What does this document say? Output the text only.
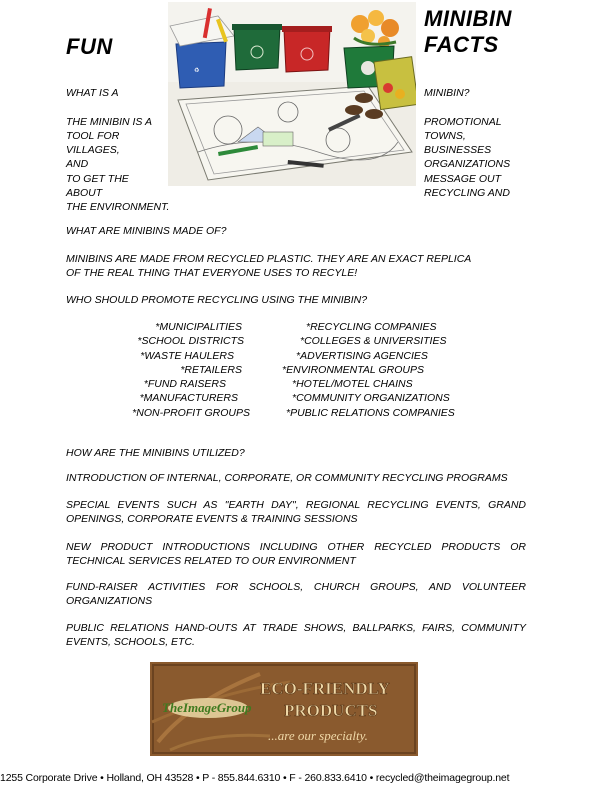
FUN
MINIBIN
FACTS
♻
WHAT IS A

THE MINIBIN IS A
TOOL FOR
VILLAGES,
AND
TO GET THE
ABOUT
THE ENVIRONMENT.
MINIBIN?

PROMOTIONAL
TOWNS,
BUSINESSES
ORGANIZATIONS
MESSAGE OUT
RECYCLING AND
WHAT ARE MINIBINS MADE OF?
MINIBINS ARE MADE FROM RECYCLED PLASTIC. THEY ARE AN EXACT REPLICA
OF THE REAL THING THAT EVERYONE USES TO RECYLE!
WHO SHOULD PROMOTE RECYCLING USING THE MINIBIN?
*MUNICIPALITIES
*SCHOOL DISTRICTS
*WASTE HAULERS
*RETAILERS
*FUND RAISERS
*MANUFACTURERS
*NON-PROFIT GROUPS
*RECYCLING COMPANIES
*COLLEGES & UNIVERSITIES
*ADVERTISING AGENCIES
*ENVIRONMENTAL GROUPS
*HOTEL/MOTEL CHAINS
*COMMUNITY ORGANIZATIONS
*PUBLIC RELATIONS COMPANIES
HOW ARE THE MINIBINS UTILIZED?
INTRODUCTION OF INTERNAL, CORPORATE, OR COMMUNITY RECYCLING PROGRAMS
SPECIAL EVENTS SUCH AS "EARTH DAY", REGIONAL RECYCLING EVENTS, GRAND OPENINGS, CORPORATE EVENTS & TRAINING SESSIONS
NEW PRODUCT INTRODUCTIONS INCLUDING OTHER RECYCLED PRODUCTS OR TECHNICAL SERVICES RELATED TO OUR ENVIRONMENT
FUND-RAISER ACTIVITIES FOR SCHOOLS, CHURCH GROUPS, AND VOLUNTEER ORGANIZATIONS
PUBLIC RELATIONS HAND-OUTS AT TRADE SHOWS, BALLPARKS, FAIRS, COMMUNITY EVENTS, SCHOOLS, ETC.
TheImageGroup
ECO-FRIENDLY
PRODUCTS
...are our specialty.
1255 Corporate Drive • Holland, OH 43528 • P - 855.844.6310 • F - 260.833.6410 • recycled@theimagegroup.net
